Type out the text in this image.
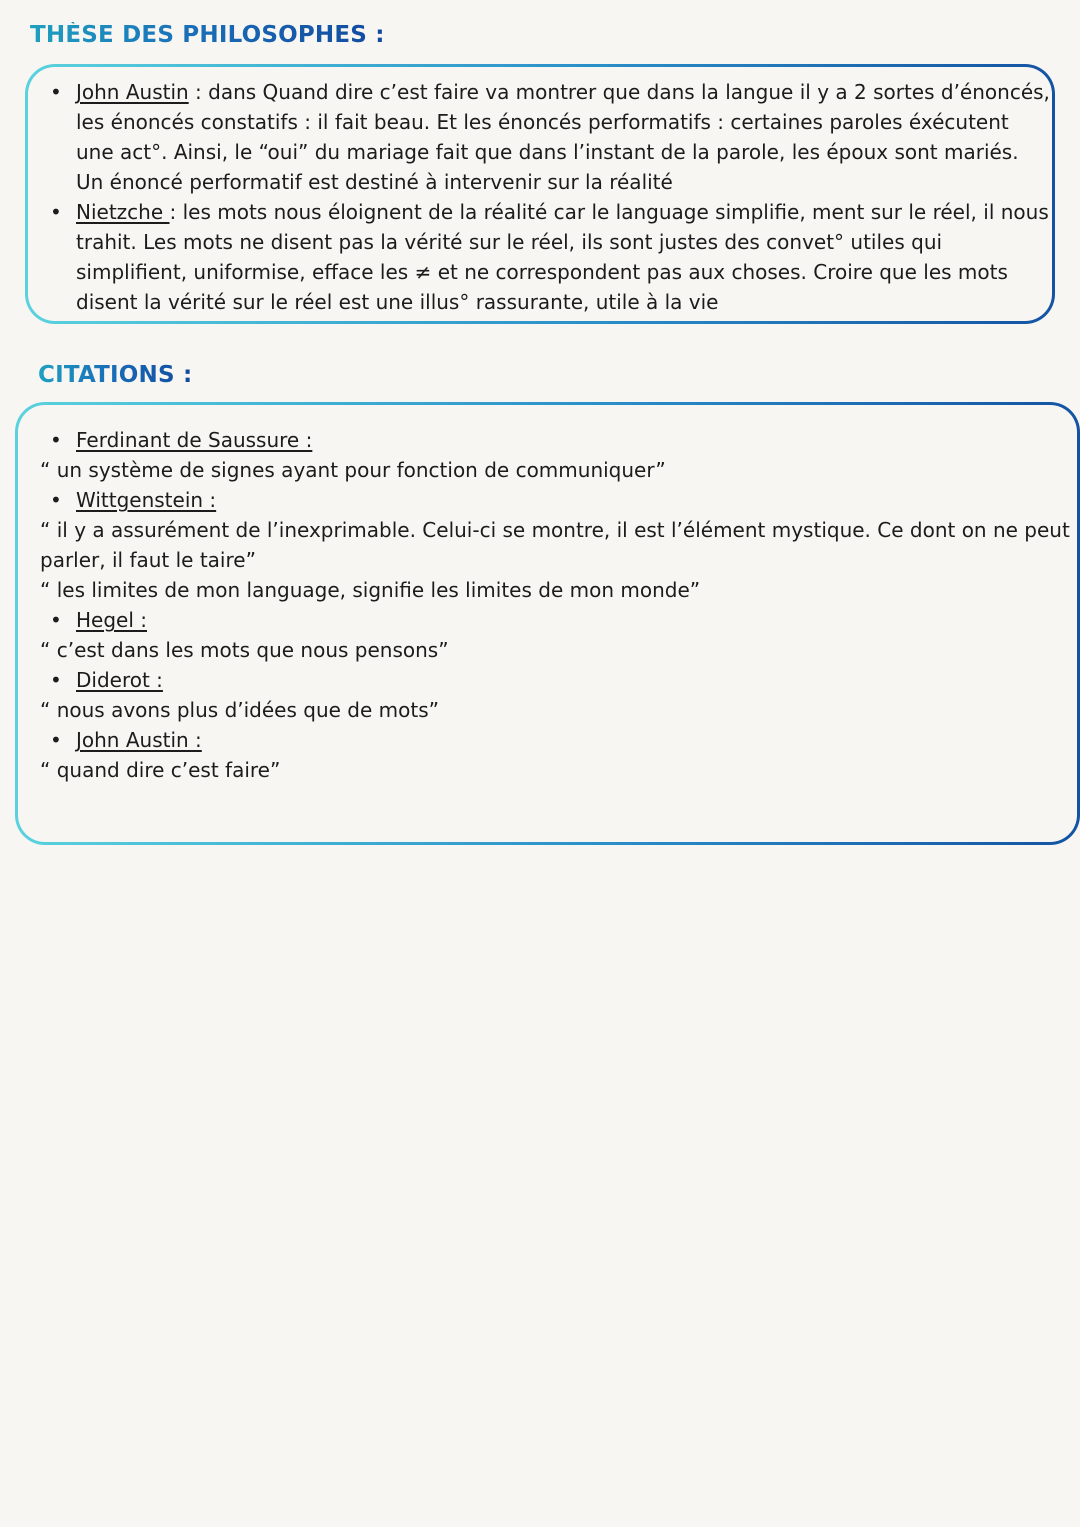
THÈSE DES PHILOSOPHES :
• John Austin : dans Quand dire c’est faire va montrer que dans la langue il y a 2 sortes d’énoncés, les énoncés constatifs : il fait beau. Et les énoncés performatifs : certaines paroles éxécutent une act°. Ainsi, le “oui” du mariage fait que dans l’instant de la parole, les époux sont mariés. Un énoncé performatif est destiné à intervenir sur la réalité
• Nietzche : les mots nous éloignent de la réalité car le language simplifie, ment sur le réel, il nous trahit. Les mots ne disent pas la vérité sur le réel, ils sont justes des convet° utiles qui simplifient, uniformise, efface les ≠ et ne correspondent pas aux choses. Croire que les mots disent la vérité sur le réel est une illus° rassurante, utile à la vie
CITATIONS :
• Ferdinant de Saussure :
“ un système de signes ayant pour fonction de communiquer”
• Wittgenstein :
“ il y a assurément de l’inexprimable. Celui-ci se montre, il est l’élément mystique. Ce dont on ne peut parler, il faut le taire”
“ les limites de mon language, signifie les limites de mon monde”
• Hegel :
“ c’est dans les mots que nous pensons”
• Diderot :
“ nous avons plus d’idées que de mots”
• John Austin :
“ quand dire c’est faire”
